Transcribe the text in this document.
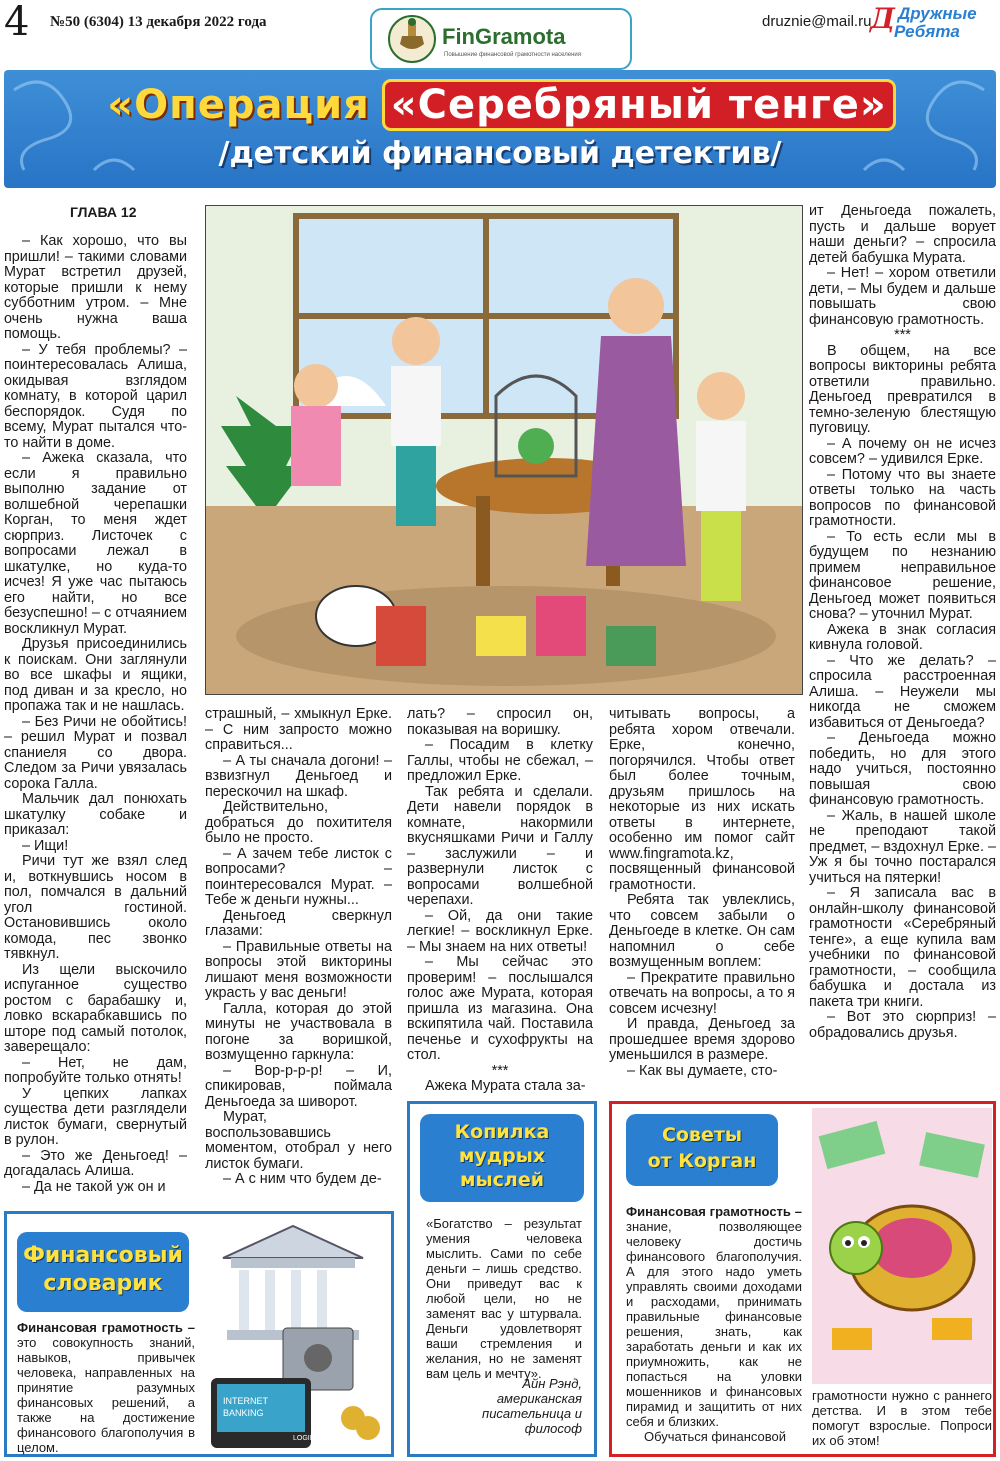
4 №50 (6304) 13 декабря 2022 года	druznie@mail.ru
Д Дружные
Ребята
FinGramota
Повышение финансовой грамотности населения
«Операция «Серебряный тенге»
/детский финансовый детектив/
ГЛАВА 12

– Как хорошо, что вы пришли! – такими словами Мурат встретил друзей, которые пришли к нему субботним утром. – Мне очень нужна ваша помощь.

– У тебя проблемы? – поинтересовалась Алиша, окидывая взглядом комнату, в которой царил беспорядок. Судя по всему, Мурат пытался что-то найти в доме.

– Ажека сказала, что если я правильно выполню задание от волшебной черепашки Корган, то меня ждет сюрприз. Листочек с вопросами лежал в шкатулке, но куда-то исчез! Я уже час пытаюсь его найти, но все безуспешно! – с отчаянием воскликнул Мурат.

Друзья присоединились к поискам. Они заглянули во все шкафы и ящики, под диван и за кресло, но пропажа так и не нашлась.

– Без Ричи не обойтись! – решил Мурат и позвал спаниеля со двора. Следом за Ричи увязалась сорока Галла.

Мальчик дал понюхать шкатулку собаке и приказал:

– Ищи!

Ричи тут же взял след и, воткнувшись носом в пол, помчался в дальний угол гостиной. Остановившись около комода, пес звонко тявкнул.

Из щели выскочило испуганное существо ростом с барабашку и, ловко вскарабкавшись по шторе под самый потолок, заверещало:

– Нет, не дам, попробуйте только отнять!

У цепких лапках существа дети разглядели листок бумаги, свернутый в рулон.

– Это же Деньгоед! – догадалась Алиша.

– Да не такой уж он и

страшный, – хмыкнул Ерке. – С ним запросто можно справиться...

– А ты сначала догони! – взвизгнул Деньгоед и перескочил на шкаф.

Действительно, добраться до похитителя было не просто.

– А зачем тебе листок с вопросами? – поинтересовался Мурат. – Тебе ж деньги нужны...

Деньгоед сверкнул глазами:

– Правильные ответы на вопросы этой викторины лишают меня возможности украсть у вас деньги!

Галла, которая до этой минуты не участвовала в погоне за воришкой, возмущенно гаркнула:

– Вор-р-р-р! – И, спикировав, поймала Деньгоеда за шиворот.

Мурат, воспользовавшись моментом, отобрал у него листок бумаги.

– А с ним что будем де-

лать? – спросил он, показывая на воришку.

– Посадим в клетку Галлы, чтобы не сбежал, – предложил Ерке.

Так ребята и сделали. Дети навели порядок в комнате, накормили вкусняшками Ричи и Галлу – заслужили – и развернули листок с вопросами волшебной черепахи.

– Ой, да они такие легкие! – воскликнул Ерке. – Мы знаем на них ответы!

– Мы сейчас это проверим! – послышался голос аже Мурата, которая пришла из магазина. Она вскипятила чай. Поставила печенье и сухофрукты на стол.

***

Ажека Мурата стала за-

читывать вопросы, а ребята хором отвечали. Ерке, конечно, погорячился. Чтобы ответ был более точным, друзьям пришлось на некоторые из них искать ответы в интернете, особенно им помог сайт www.fingramota.kz, посвященный финансовой грамотности.

Ребята так увлеклись, что совсем забыли о Деньгоеде в клетке. Он сам напомнил о себе возмущенным воплем:

– Прекратите правильно отвечать на вопросы, а то я совсем исчезну!

И правда, Деньгоед за прошедшее время здорово уменьшился в размере.

– Как вы думаете, сто-

ит Деньгоеда пожалеть, пусть и дальше ворует наши деньги? – спросила детей бабушка Мурата.

– Нет! – хором ответили дети, – Мы будем и дальше повышать свою финансовую грамотность.

***

В общем, на все вопросы викторины ребята ответили правильно. Деньгоед превратился в темно-зеленую блестящую пуговицу.

– А почему он не исчез совсем? – удивился Ерке.

– Потому что вы знаете ответы только на часть вопросов по финансовой грамотности.

– То есть если мы в будущем по незнанию примем неправильное финансовое решение, Деньгоед может появиться снова? – уточнил Мурат.

Ажека в знак согласия кивнула головой.

– Что же делать? – спросила расстроенная Алиша. – Неужели мы никогда не сможем избавиться от Деньгоеда?

– Деньгоеда можно победить, но для этого надо учиться, постоянно повышая свою финансовую грамотность.

– Жаль, в нашей школе не преподают такой предмет, – вздохнул Ерке. – Уж я бы точно постарался учиться на пятерки!

– Я записала вас в онлайн-школу финансовой грамотности «Серебряный тенге», а еще купила вам учебники по финансовой грамотности, – сообщила бабушка и достала из пакета три книги.

– Вот это сюрприз! – обрадовались друзья.

Финансовый
словарик

Финансовая грамотность – это совокупность знаний, навыков, привычек человека, направленных на принятие разумных финансовых решений, а также на достижение финансового благополучия в целом.

INTERNET
BANKING
LOGIN
Копилка
мудрых
мыслей
«Богатство – результат умения человека мыслить. Сами по себе деньги – лишь средство. Они приведут вас к любой цели, но не заменят вас у штурвала. Деньги удовлетворят ваши стремления и желания, но не заменят вам цель и мечту».
Айн Рэнд,
американская
писательница и
философ
Советы
от Корган

Финансовая грамотность – знание, позволяющее человеку достичь финансового благополучия. А для этого надо уметь управлять своими доходами и расходами, принимать правильные финансовые решения, знать, как заработать деньги и как их приумножить, как не попасться на уловки мошенников и финансовых пирамид и защитить от них себя и близких.

Обучаться финансовой

грамотности нужно с раннего детства. И в этом тебе помогут взрослые. Попроси их об этом!
